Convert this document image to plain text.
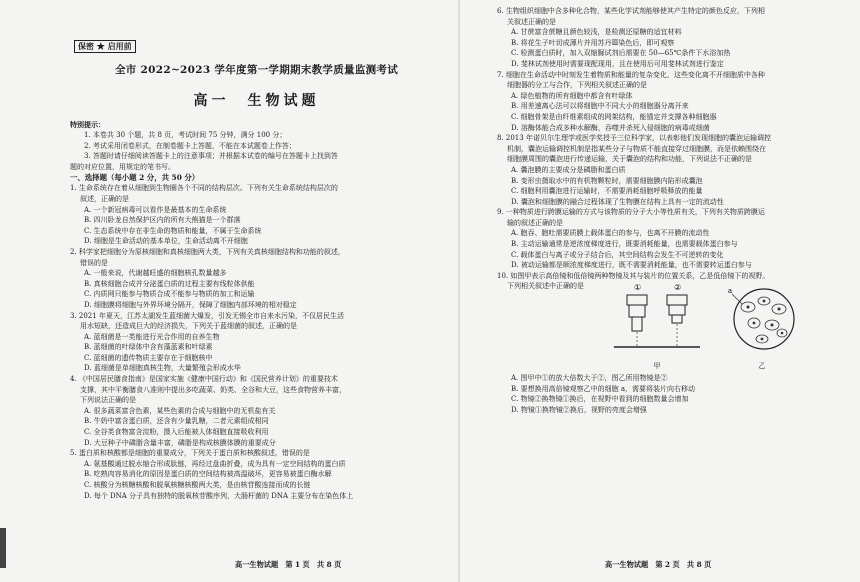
保密 ★ 启用前
全市 2022~2023 学年度第一学期期末教学质量监测考试
高一　生物试题
特别提示：
1. 本卷共 30 个题，共 8 页，考试时间 75 分钟，满分 100 分；
2. 考试采用闭卷形式，在制卷题卡上答题，不能在本试题卷上作答；
3. 答题时请仔细阅读答题卡上的注意事项；并根据本试卷的编号在答题卡上找到答
题的对应位置，用规定的笔书写。
一、选择题（每小题 2 分，共 50 分）
1. 生命系统存在着从细胞到生物圈各个不同的结构层次。下列有关生命系统结构层次的
叙述，正确的是
A. 一个新冠病毒可以看作是最基本的生命系统
B. 四川卧龙自然保护区内的所有大熊猫是一个群落
C. 生态系统中存在非生命的物质和能量，不属于生命系统
D. 细胞是生命活动的基本单位，生命活动离不开细胞
2. 科学家把细胞分为原核细胞和真核细胞两大类，下列有关真核细胞结构和功能的叙述，
错误的是
A. 一般来说，代谢越旺盛的细胞核孔数量越多
B. 真核细胞合成并分泌蛋白质的过程主要有线粒体供能
C. 内质网只能参与物质合成不能参与物质的加工和运输
D. 细胞膜将细胞与外界环境分隔开，保障了细胞内部环境的相对稳定
3. 2021 年夏天，江苏太湖发生蓝细菌大爆发，引发无锡全市自来水污染，不仅居民生活
用水短缺，还造成巨大的经济损失，下列关于蓝细菌的叙述，正确的是
A. 蓝细菌是一类能进行光合作用的自养生物
B. 蓝细菌的叶绿体中含有藻蓝素和叶绿素
C. 蓝细菌的遗传物质主要存在于细胞核中
D. 蓝细菌是单细胞真核生物，大量繁殖会形成水华
4. 《中国居民膳食指南》是国家实施《健康中国行动》和《国民营养计划》的重要技术
支撑，其中平衡膳食八准则中提出多吃蔬菜、奶类、全谷和大豆，这些食物营养丰富，
下列说法正确的是
A. 很多蔬菜富含色素，某些色素的合成与细胞中的无机盐有关
B. 牛奶中富含蛋白质，还含有少量乳糖，二者元素组成相同
C. 全谷类食物富含淀粉，摄入后能被人体细胞直接吸收利用
D. 大豆种子中磷脂含量丰富，磷脂是构成核膜体膜的重要成分
5. 蛋白质和核酸都是细胞的重要成分，下列关于蛋白质和核酸叙述，错误的是
A. 氨基酸通过脱水缩合形成肽链，再经过盘曲折叠，成为具有一定空间结构的蛋白质
B. 吃熟肉容易消化的原因是蛋白质的空间结构被高温破坏，更容易被蛋白酶水解
C. 核酸分为核糖核酸和脱氧核糖核酸两大类，是由核苷酸连接而成的长链
D. 每个 DNA 分子具有独特的脱氧核苷酸序列，大肠杆菌的 DNA 主要分布在染色体上
6. 生物组织细胞中含多种化合物，某些化学试剂能够使其产生特定的颜色反应，下列相
关叙述正确的是
A. 甘蔗富含蔗糖且颜色较浅，是检测还原糖的适宜材料
B. 将花生子叶切成薄片并用苏丹Ⅲ染色后，即可观察
C. 检测蛋白质时，加入双缩脲试剂后需要在 50—65℃条件下水浴加热
D. 斐林试剂使用时需要现配现用，且在使用后可用斐林试剂进行鉴定
7. 细胞在生命活动中时刻发生着物质和能量的复杂变化，这些变化离不开细胞质中各种
细胞器的分工与合作，下列相关叙述正确的是
A. 绿色植物的所有细胞中都含有叶绿体
B. 用差速离心法可以将细胞中不同大小的细胞器分离开来
C. 细胞骨架是由纤维素组成的网架结构，能锚定并支撑各种细胞器
D. 溶酶体能合成多种水解酶，吞噬并杀死入侵细胞的病毒或细菌
8. 2013 年诺贝尔生理学或医学奖授予三位科学家，以表彰他们发现细胞的囊泡运输调控
机制，囊泡运输调控机制是指某些分子与物质不能直接穿过细胞膜，而是依赖围绕在
细胞膜周围的囊泡进行传递运输，关于囊泡的结构和功能，下列说法不正确的是
A. 囊泡膜的主要成分是磷脂和蛋白质
B. 变形虫摄取水中的有机物颗粒时，需要细胞膜内陷形成囊泡
C. 细胞利用囊泡进行运输时，不需要消耗细胞呼吸释放的能量
D. 囊泡和细胞膜的融合过程体现了生物膜在结构上具有一定的流动性
9. 一种物质进行跨膜运输的方式与该物质的分子大小等性质有关，下列有关物质跨膜运
输的叙述正确的是
A. 胞吞、胞吐需要质膜上载体蛋白的参与，也离不开膜的流动性
B. 主动运输通常是逆浓度梯度进行，既要消耗能量，也需要载体蛋白参与
C. 载体蛋白与离子或分子结合后，其空间结构会发生不可逆转的变化
D. 被动运输都是顺浓度梯度进行，既不需要消耗能量，也不需要转运蛋白参与
10. 如图甲表示高倍镜和低倍镜两种物镜及其与装片的位置关系，乙是低倍镜下的视野。
下列相关叙述中正确的是	①	②
甲
a
乙
A. 图甲中①的放大倍数大于②，图乙所用物镜是②
B. 要想换用高倍镜观察乙中的细胞 a，需要将装片向右移动
C. 物镜②换物镜①换后，在视野中看到的细胞数量会增加
D. 物镜①换物镜②换后，视野的亮度会增强
高一生物试题　第 1 页　共 8 页	高一生物试题　第 2 页　共 8 页
